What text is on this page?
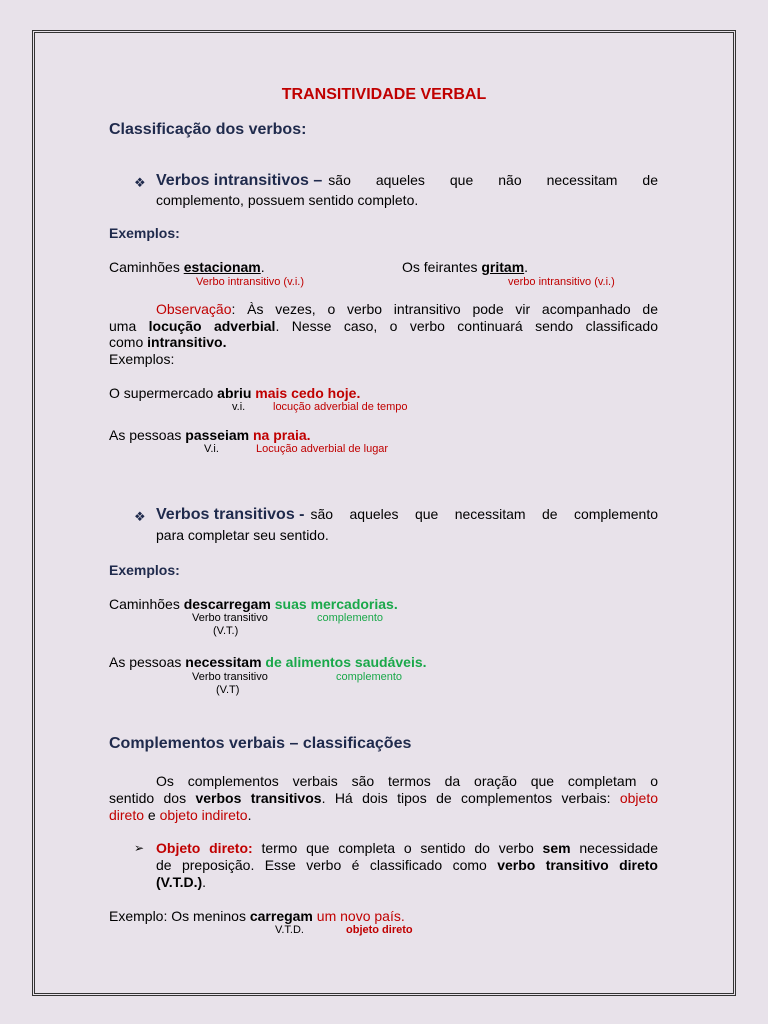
TRANSITIVIDADE VERBAL
Classificação dos verbos:
❖ Verbos intransitivos – são aqueles que não necessitam de
complemento, possuem sentido completo.
Exemplos:
Caminhões estacionam.
Verbo intransitivo (v.i.)
Os feirantes gritam.
verbo intransitivo (v.i.)
Observação: Às vezes, o verbo intransitivo pode vir acompanhado de
uma locução adverbial. Nesse caso, o verbo continuará sendo classificado
como intransitivo.
Exemplos:
O supermercado abriu mais cedo hoje.
v.i.	locução adverbial de tempo
As pessoas passeiam na praia.
V.i.	Locução adverbial de lugar
❖ Verbos transitivos - são aqueles que necessitam de complemento
para completar seu sentido.
Exemplos:
Caminhões descarregam suas mercadorias.
Verbo transitivo
(V.T.)
complemento
As pessoas necessitam de alimentos saudáveis.
Verbo transitivo
(V.T)
complemento
Complementos verbais – classificações
Os complementos verbais são termos da oração que completam o
sentido dos verbos transitivos. Há dois tipos de complementos verbais: objeto
direto e objeto indireto.
➢ Objeto direto: termo que completa o sentido do verbo sem necessidade
de preposição. Esse verbo é classificado como verbo transitivo direto
(V.T.D.).
Exemplo: Os meninos carregam um novo país.
V.T.D.	objeto direto
